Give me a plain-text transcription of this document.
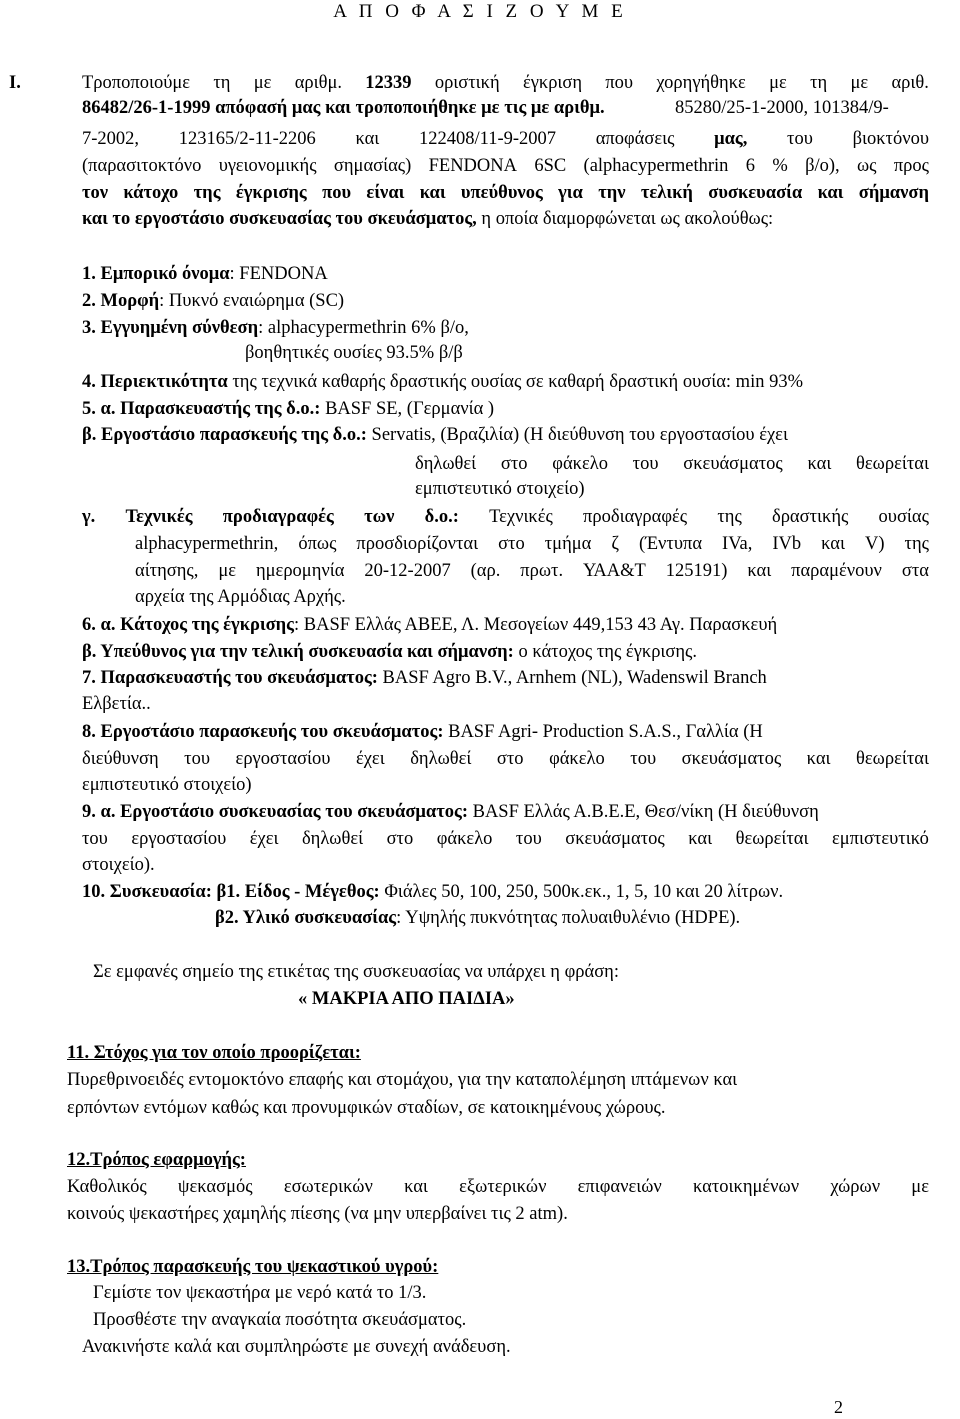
Α Π Ο Φ Α Σ Ι Ζ Ο Υ Μ Ε
Ι.	Τροποποιούμε τη με αριθμ. 12339 οριστική έγκριση που χορηγήθηκε με τη με αριθ.
86482/26-1-1999 απόφασή μας και τροποποιήθηκε με τις με αριθμ.	85280/25-1-2000, 101384/9-
7-2002, 123165/2-11-2206 και 122408/11-9-2007 αποφάσεις μας, του βιοκτόνου
(παρασιτοκτόνο υγειονομικής σημασίας) FENDONA 6SC (alphacypermethrin 6 % β/ο), ως προς
τον κάτοχο της έγκρισης που είναι και υπεύθυνος για την τελική συσκευασία και σήμανση
και το εργοστάσιο συσκευασίας του σκευάσματος, η οποία διαμορφώνεται ως ακολούθως:
1. Εμπορικό όνομα: FENDONA
2. Μορφή: Πυκνό εναιώρημα (SC)
3. Εγγυημένη σύνθεση: alphacypermethrin 6% β/ο,
βοηθητικές ουσίες 93.5% β/β
4. Περιεκτικότητα της τεχνικά καθαρής δραστικής ουσίας σε καθαρή δραστική ουσία: min 93%
5. α. Παρασκευαστής της δ.ο.: BASF SE, (Γερμανία )
β. Εργοστάσιο παρασκευής της δ.ο.: Servatis, (Βραζιλία) (Η διεύθυνση του εργοστασίου έχει
δηλωθεί στο φάκελο του σκευάσματος και θεωρείται
εμπιστευτικό στοιχείο)
γ. Τεχνικές προδιαγραφές των δ.ο.: Τεχνικές προδιαγραφές της δραστικής ουσίας
alphacypermethrin, όπως προσδιορίζονται στο τμήμα ζ (Έντυπα IVa, IVb και V) της
αίτησης, με ημερομηνία 20-12-2007 (αρ. πρωτ. ΥΑΑ&Τ 125191) και παραμένουν στα
αρχεία της Αρμόδιας Αρχής.
6. α. Κάτοχος της έγκρισης: BASF Ελλάς ΑΒΕΕ, Λ. Μεσογείων 449,153 43 Αγ. Παρασκευή
β. Υπεύθυνος για την τελική συσκευασία και σήμανση: ο κάτοχος της έγκρισης.
7. Παρασκευαστής του σκευάσματος: BASF Agro B.V., Arnhem (NL), Wadenswil Branch
Ελβετία..
8. Εργοστάσιο παρασκευής του σκευάσματος: BASF Agri- Production S.A.S., Γαλλία (Η
διεύθυνση του εργοστασίου έχει δηλωθεί στο φάκελο του σκευάσματος και θεωρείται
εμπιστευτικό στοιχείο)
9. α. Εργοστάσιο συσκευασίας του σκευάσματος: BASF Ελλάς Α.Β.Ε.Ε, Θεσ/νίκη (Η διεύθυνση
του εργοστασίου έχει δηλωθεί στο φάκελο του σκευάσματος και θεωρείται εμπιστευτικό
στοιχείο).
10. Συσκευασία: β1. Είδος - Μέγεθος: Φιάλες 50, 100, 250, 500κ.εκ., 1, 5, 10 και 20 λίτρων.
β2. Υλικό συσκευασίας: Υψηλής πυκνότητας πολυαιθυλένιο (HDPE).
Σε εμφανές σημείο της ετικέτας της συσκευασίας να υπάρχει η φράση:
« ΜΑΚΡΙΑ ΑΠΟ ΠΑΙΔΙΑ»
11. Στόχος για τον οποίο προορίζεται:
Πυρεθρινοειδές εντομοκτόνο επαφής και στομάχου, για την καταπολέμηση ιπτάμενων και
ερπόντων εντόμων καθώς και προνυμφικών σταδίων, σε κατοικημένους χώρους.
12.Τρόπος εφαρμογής:
Καθολικός ψεκασμός εσωτερικών και εξωτερικών επιφανειών κατοικημένων χώρων με
κοινούς ψεκαστήρες χαμηλής πίεσης (να μην υπερβαίνει τις 2 atm).
13.Τρόπος παρασκευής του ψεκαστικού υγρού:
Γεμίστε τον ψεκαστήρα με νερό κατά το 1/3.
Προσθέστε την αναγκαία ποσότητα σκευάσματος.
Ανακινήστε καλά και συμπληρώστε με συνεχή ανάδευση.
2
